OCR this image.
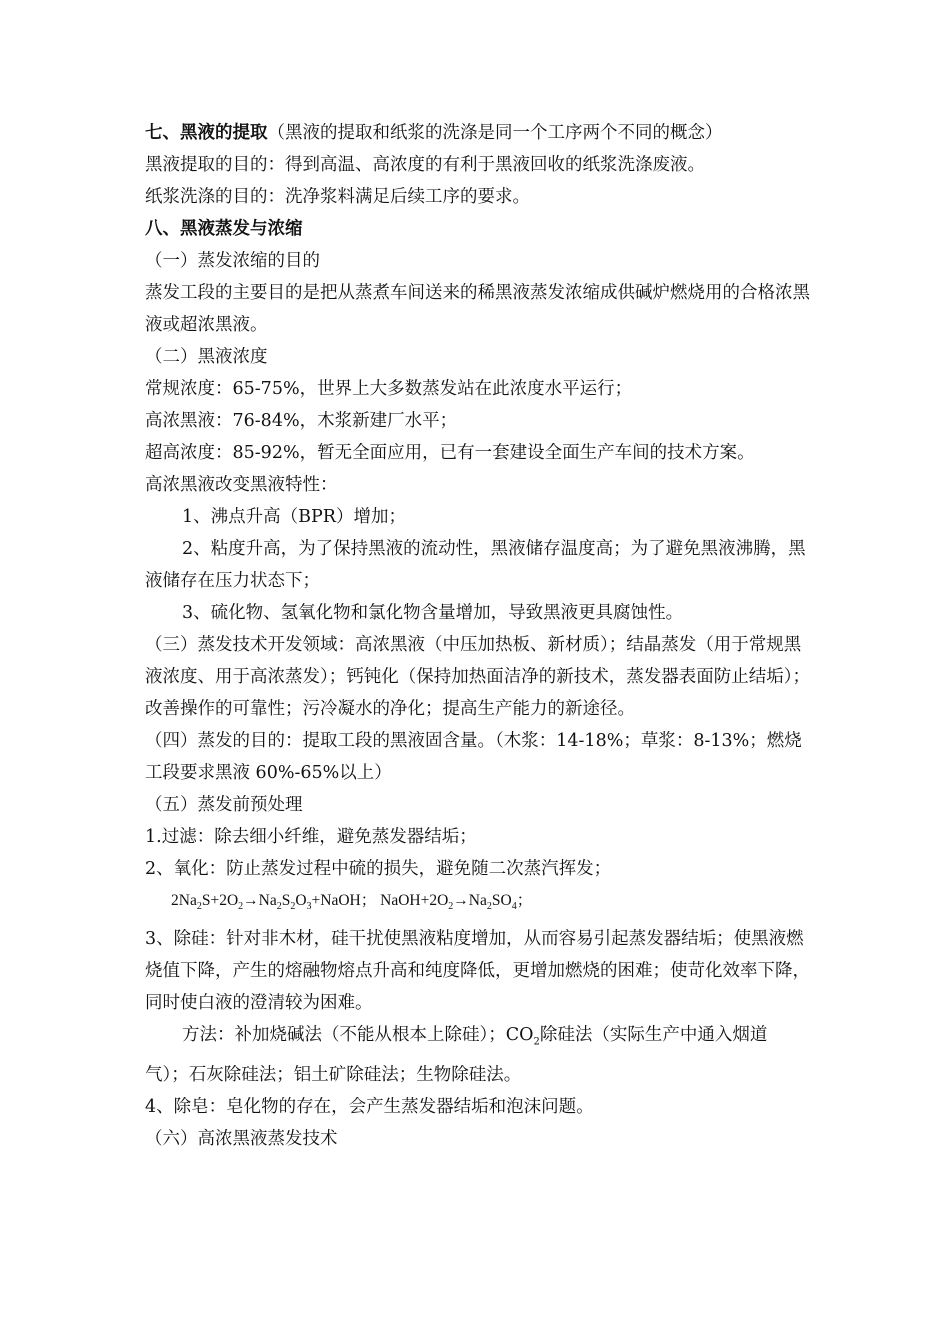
七、黑液的提取（黑液的提取和纸浆的洗涤是同一个工序两个不同的概念）

黑液提取的目的：得到高温、高浓度的有利于黑液回收的纸浆洗涤废液。

纸浆洗涤的目的：洗净浆料满足后续工序的要求。

八、黑液蒸发与浓缩

（一）蒸发浓缩的目的

蒸发工段的主要目的是把从蒸煮车间送来的稀黑液蒸发浓缩成供碱炉燃烧用的合格浓黑液或超浓黑液。

（二）黑液浓度

常规浓度：65-75%，世界上大多数蒸发站在此浓度水平运行；

高浓黑液：76-84%，木浆新建厂水平；

超高浓度：85-92%，暂无全面应用，已有一套建设全面生产车间的技术方案。

高浓黑液改变黑液特性：

1、沸点升高（BPR）增加；

2、粘度升高，为了保持黑液的流动性，黑液储存温度高；为了避免黑液沸腾，黑液储存在压力状态下；

3、硫化物、氢氧化物和氯化物含量增加，导致黑液更具腐蚀性。

（三）蒸发技术开发领域：高浓黑液（中压加热板、新材质）；结晶蒸发（用于常规黑液浓度、用于高浓蒸发）；钙钝化（保持加热面洁净的新技术，蒸发器表面防止结垢）；改善操作的可靠性；污冷凝水的净化；提高生产能力的新途径。

（四）蒸发的目的：提取工段的黑液固含量。（木浆：14-18%；草浆：8-13%；燃烧工段要求黑液 60%-65%以上）

（五）蒸发前预处理

1.过滤：除去细小纤维，避免蒸发器结垢；

2、氧化：防止蒸发过程中硫的损失，避免随二次蒸汽挥发；

$2Na_2S+2O_2\to Na_2S_2O_3+NaOH$； $NaOH+2O_2\to Na_2SO_4$；

3、除硅：针对非木材，硅干扰使黑液粘度增加，从而容易引起蒸发器结垢；使黑液燃烧值下降，产生的熔融物熔点升高和纯度降低，更增加燃烧的困难；使苛化效率下降，同时使白液的澄清较为困难。

方法：补加烧碱法（不能从根本上除硅）；$CO_2$除硅法（实际生产中通入烟道气）；石灰除硅法；铝土矿除硅法；生物除硅法。

4、除皂：皂化物的存在，会产生蒸发器结垢和泡沫问题。

（六）高浓黑液蒸发技术
